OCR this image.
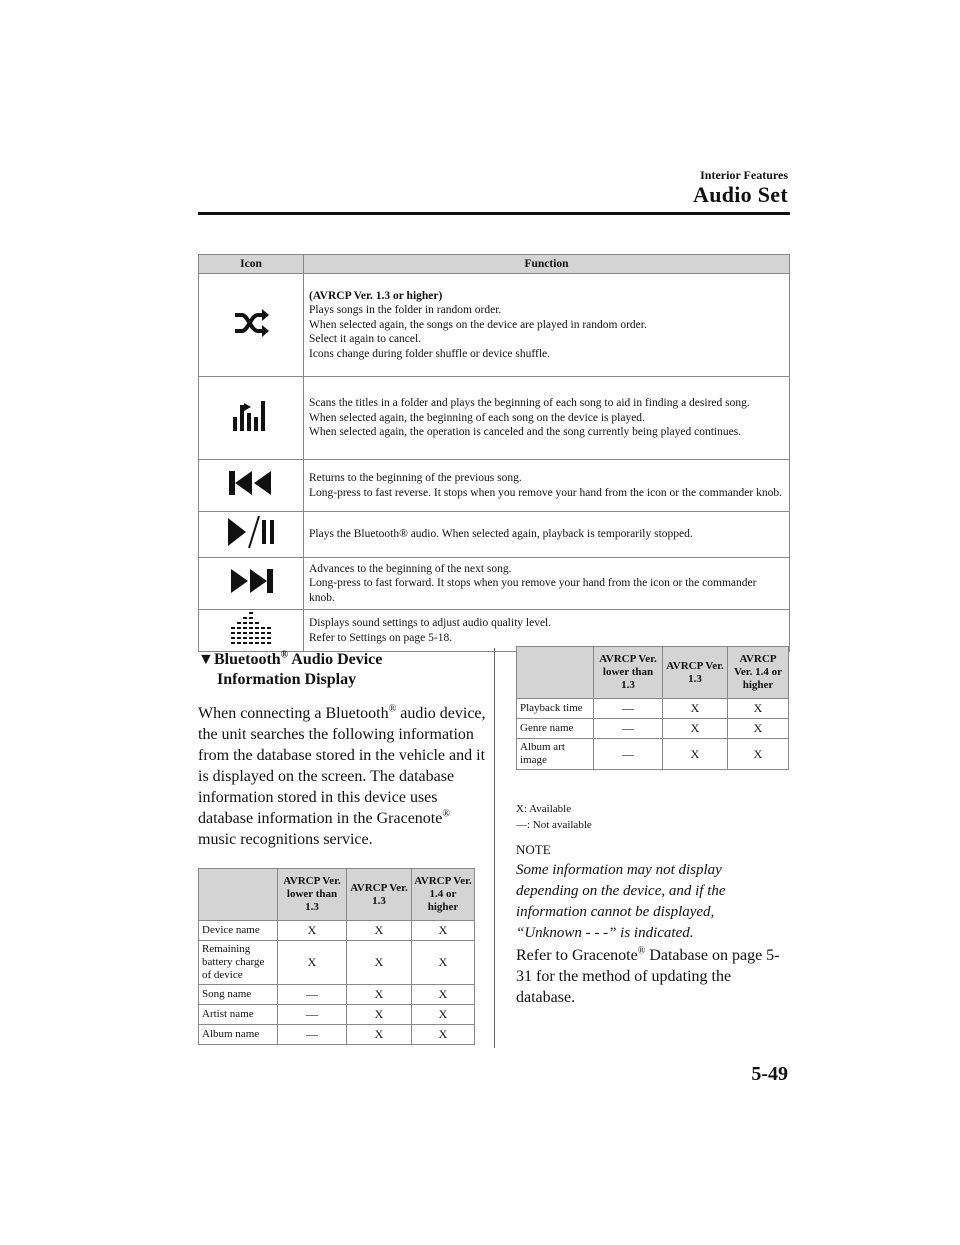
Interior Features
Audio Set
Icon	Function

(AVRCP Ver. 1.3 or higher)
Plays songs in the folder in random order.
When selected again, the songs on the device are played in random order.
Select it again to cancel.
Icons change during folder shuffle or device shuffle.

Scans the titles in a folder and plays the beginning of each song to aid in finding a desired song.
When selected again, the beginning of each song on the device is played.
When selected again, the operation is canceled and the song currently being played continues.

Returns to the beginning of the previous song.
Long-press to fast reverse. It stops when you remove your hand from the icon or the commander knob.

Plays the Bluetooth® audio. When selected again, playback is temporarily stopped.

Advances to the beginning of the next song.
Long-press to fast forward. It stops when you remove your hand from the icon or the commander knob.

Displays sound settings to adjust audio quality level.
Refer to Settings on page 5-18.
▼Bluetooth® Audio Device
Information Display
When connecting a Bluetooth® audio device, the unit searches the following information from the database stored in the vehicle and it is displayed on the screen. The database information stored in this device uses database information in the Gracenote® music recognitions service.
	AVRCP Ver. lower than 1.3	AVRCP Ver. 1.3	AVRCP Ver. 1.4 or higher
Device name	X	X	X
Remaining battery charge of device	X	X	X
Song name	—	X	X
Artist name	—	X	X
Album name	—	X	X
	AVRCP Ver. lower than 1.3	AVRCP Ver. 1.3	AVRCP Ver. 1.4 or higher
Playback time	—	X	X
Genre name	—	X	X
Album art image	—	X	X
X: Available
—: Not available
NOTE
Some information may not display depending on the device, and if the information cannot be displayed, “Unknown - - -” is indicated.
Refer to Gracenote® Database on page 5-31 for the method of updating the database.
5-49
